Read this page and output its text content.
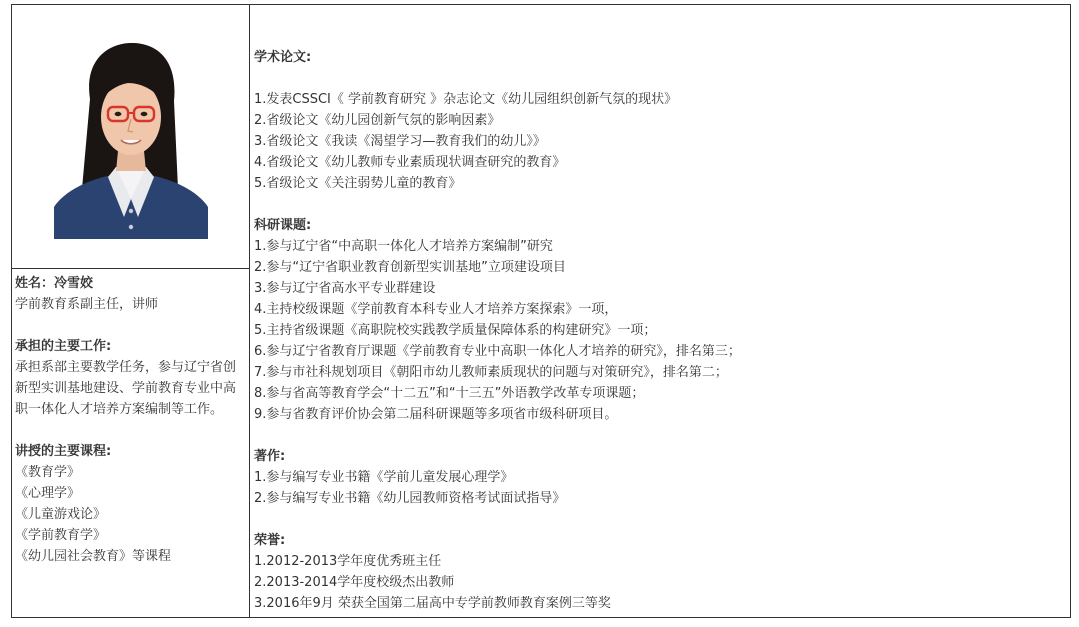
姓名：冷雪姣
学前教育系副主任，讲师
承担的主要工作:
承担系部主要教学任务，参与辽宁省创新型实训基地建设、学前教育专业中高职一体化人才培养方案编制等工作。
讲授的主要课程:
《教育学》
《心理学》
《儿童游戏论》
《学前教育学》
《幼儿园社会教育》等课程
学术论文:
1.发表CSSCI《 学前教育研究 》杂志论文《幼儿园组织创新气氛的现状》
2.省级论文《幼儿园创新气氛的影响因素》
3.省级论文《我读《渴望学习—教育我们的幼儿》》
4.省级论文《幼儿教师专业素质现状调查研究的教育》
5.省级论文《关注弱势儿童的教育》
科研课题:
1.参与辽宁省“中高职一体化人才培养方案编制”研究
2.参与“辽宁省职业教育创新型实训基地”立项建设项目
3.参与辽宁省高水平专业群建设
4.主持校级课题《学前教育本科专业人才培养方案探索》一项，
5.主持省级课题《高职院校实践教学质量保障体系的构建研究》一项；
6.参与辽宁省教育厅课题《学前教育专业中高职一体化人才培养的研究》，排名第三；
7.参与市社科规划项目《朝阳市幼儿教师素质现状的问题与对策研究》，排名第二；
8.参与省高等教育学会“十二五”和“十三五”外语教学改革专项课题；
9.参与省教育评价协会第二届科研课题等多项省市级科研项目。
著作:
1.参与编写专业书籍《学前儿童发展心理学》
2.参与编写专业书籍《幼儿园教师资格考试面试指导》
荣誉:
1.2012-2013学年度优秀班主任
2.2013-2014学年度校级杰出教师
3.2016年9月 荣获全国第二届高中专学前教师教育案例三等奖
